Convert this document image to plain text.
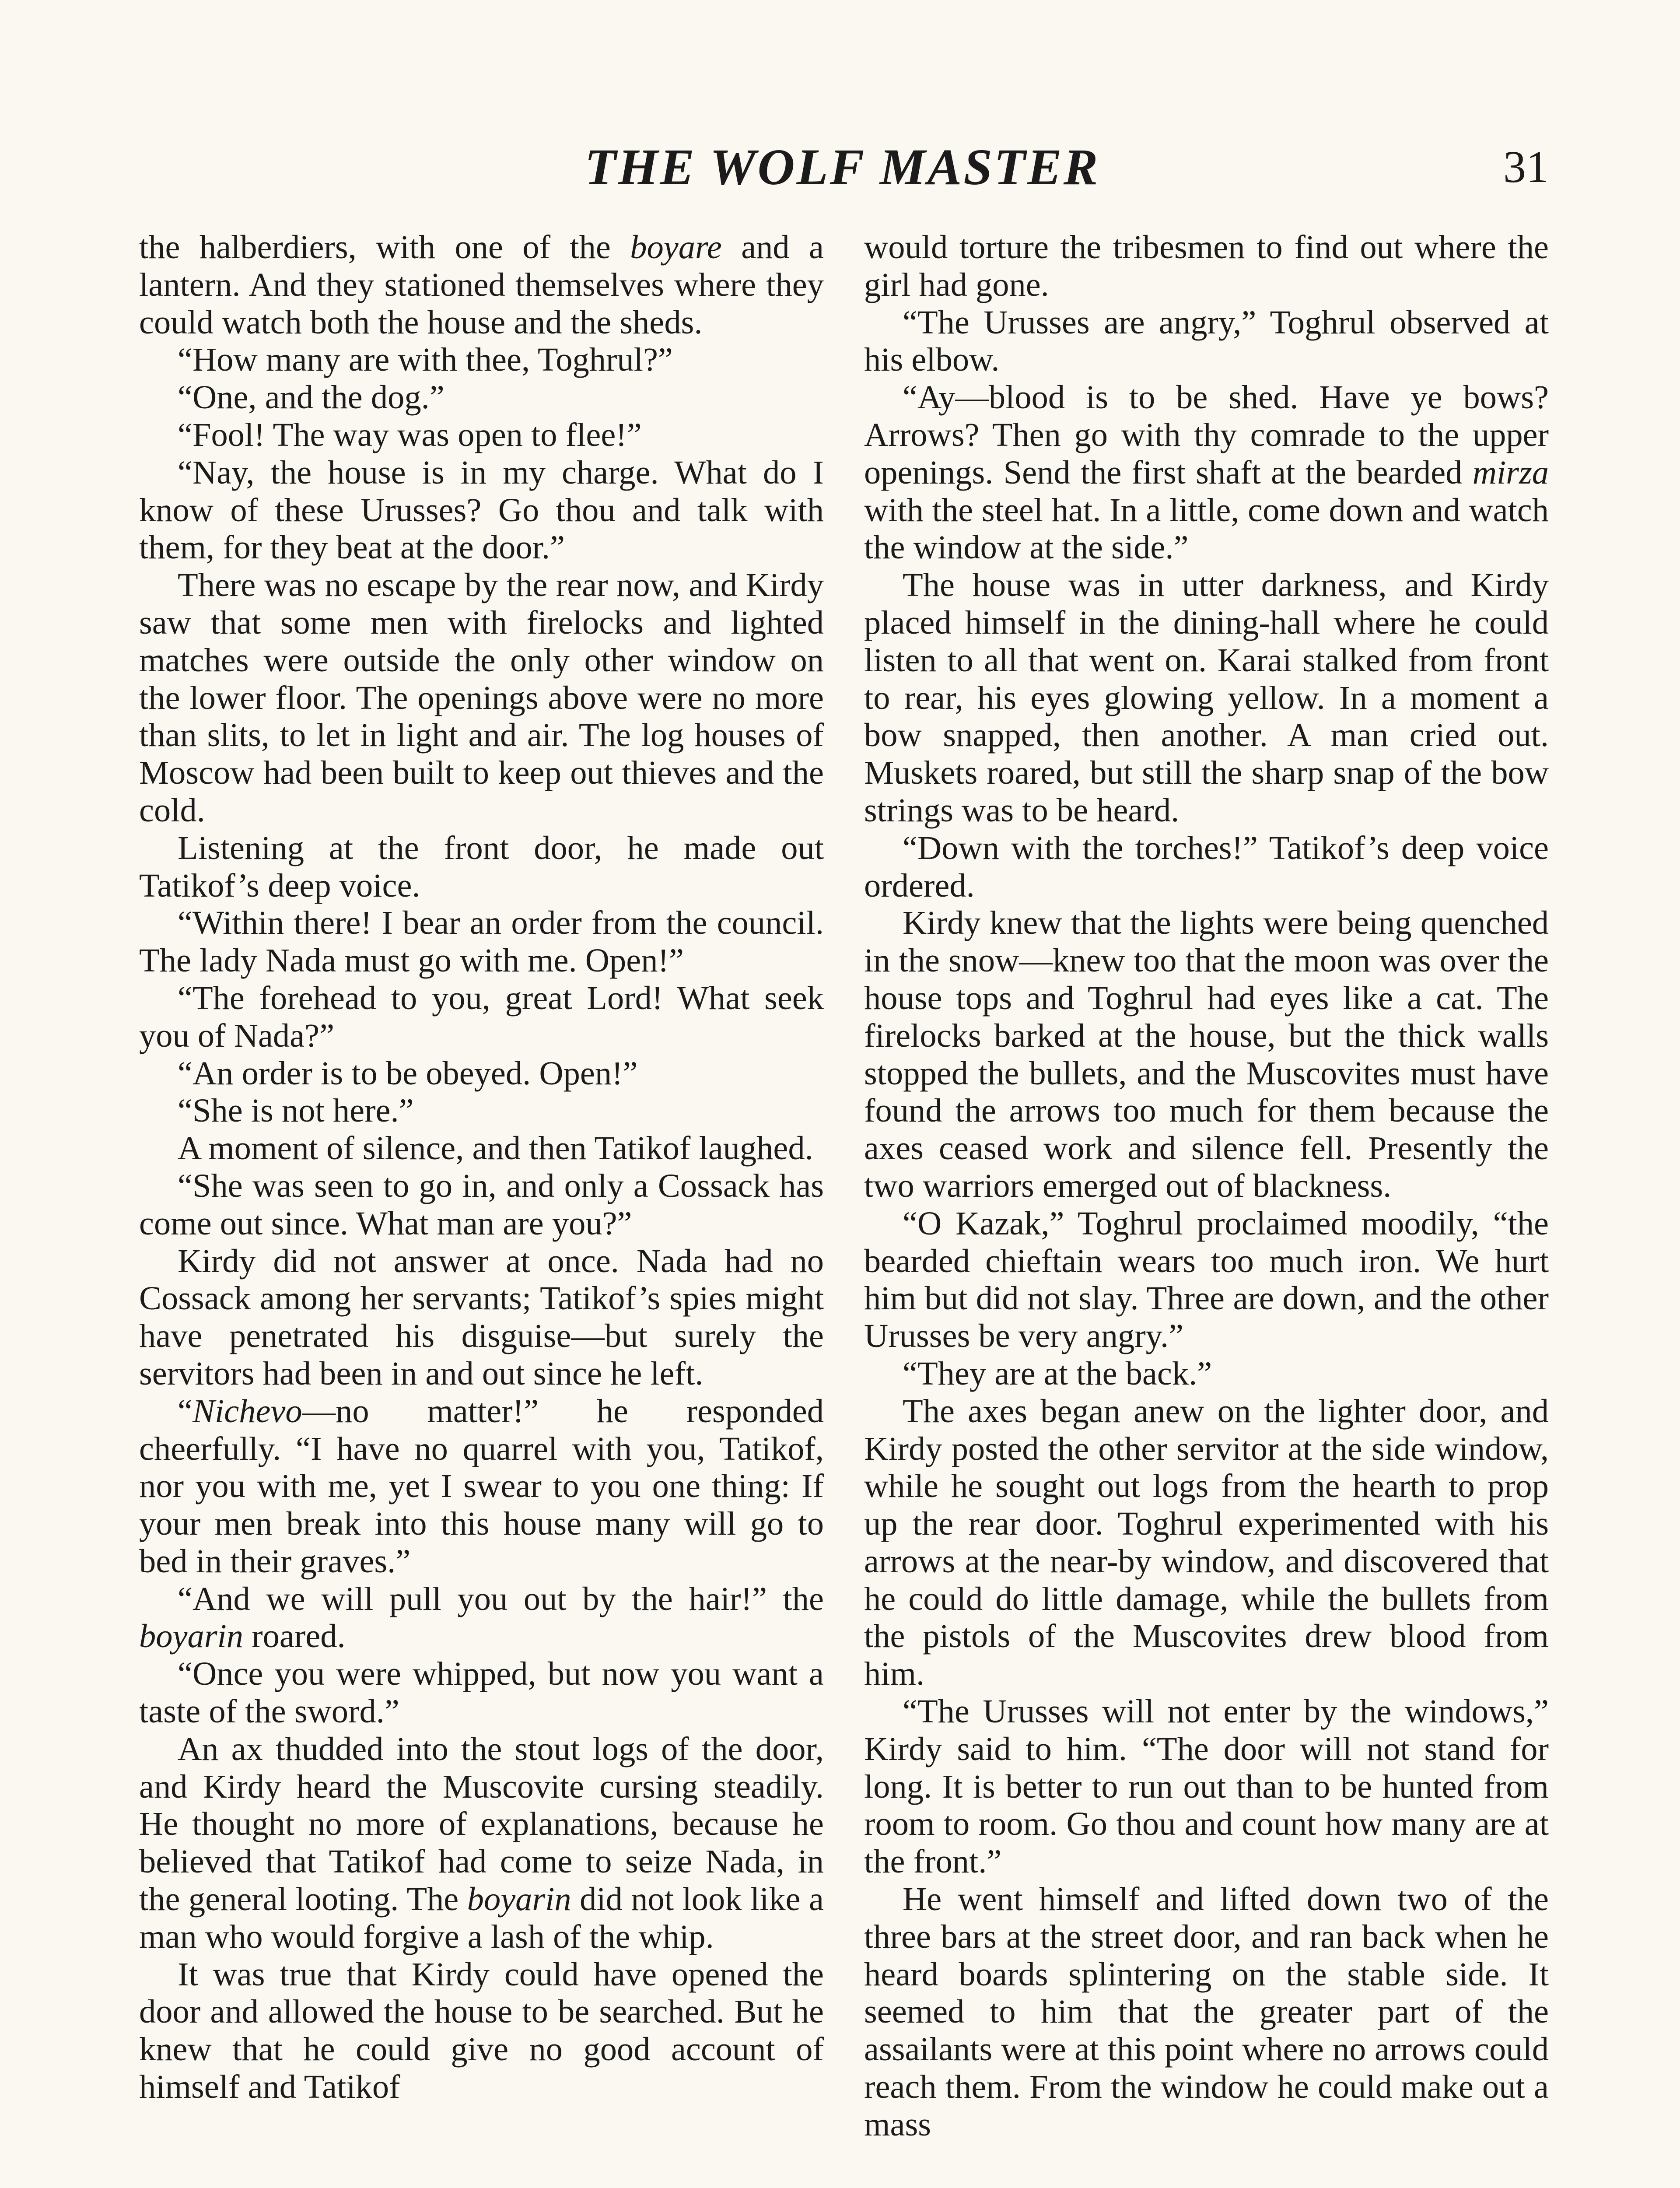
THE WOLF MASTER	31

the halberdiers, with one of the boyare and a lantern. And they stationed themselves where they could watch both the house and the sheds.

“How many are with thee, Toghrul?”

“One, and the dog.”

“Fool! The way was open to flee!”

“Nay, the house is in my charge. What do I know of these Urusses? Go thou and talk with them, for they beat at the door.”

There was no escape by the rear now, and Kirdy saw that some men with firelocks and lighted matches were outside the only other window on the lower floor. The openings above were no more than slits, to let in light and air. The log houses of Moscow had been built to keep out thieves and the cold.

Listening at the front door, he made out Tatikof’s deep voice.

“Within there! I bear an order from the council. The lady Nada must go with me. Open!”

“The forehead to you, great Lord! What seek you of Nada?”

“An order is to be obeyed. Open!”

“She is not here.”

A moment of silence, and then Tatikof laughed.

“She was seen to go in, and only a Cossack has come out since. What man are you?”

Kirdy did not answer at once. Nada had no Cossack among her servants; Tatikof’s spies might have penetrated his disguise—but surely the servitors had been in and out since he left.

“Nichevo—no matter!” he responded cheerfully. “I have no quarrel with you, Tatikof, nor you with me, yet I swear to you one thing: If your men break into this house many will go to bed in their graves.”

“And we will pull you out by the hair!” the boyarin roared.

“Once you were whipped, but now you want a taste of the sword.”

An ax thudded into the stout logs of the door, and Kirdy heard the Muscovite cursing steadily. He thought no more of explanations, because he believed that Tatikof had come to seize Nada, in the general looting. The boyarin did not look like a man who would forgive a lash of the whip.

It was true that Kirdy could have opened the door and allowed the house to be searched. But he knew that he could give no good account of himself and Tatikof

would torture the tribesmen to find out where the girl had gone.

“The Urusses are angry,” Toghrul observed at his elbow.

“Ay—blood is to be shed. Have ye bows? Arrows? Then go with thy comrade to the upper openings. Send the first shaft at the bearded mirza with the steel hat. In a little, come down and watch the window at the side.”

The house was in utter darkness, and Kirdy placed himself in the dining-hall where he could listen to all that went on. Karai stalked from front to rear, his eyes glowing yellow. In a moment a bow snapped, then another. A man cried out. Muskets roared, but still the sharp snap of the bow strings was to be heard.

“Down with the torches!” Tatikof’s deep voice ordered.

Kirdy knew that the lights were being quenched in the snow—knew too that the moon was over the house tops and Toghrul had eyes like a cat. The firelocks barked at the house, but the thick walls stopped the bullets, and the Muscovites must have found the arrows too much for them because the axes ceased work and silence fell. Presently the two warriors emerged out of blackness.

“O Kazak,” Toghrul proclaimed moodily, “the bearded chieftain wears too much iron. We hurt him but did not slay. Three are down, and the other Urusses be very angry.”

“They are at the back.”

The axes began anew on the lighter door, and Kirdy posted the other servitor at the side window, while he sought out logs from the hearth to prop up the rear door. Toghrul experimented with his arrows at the near-by window, and discovered that he could do little damage, while the bullets from the pistols of the Muscovites drew blood from him.

“The Urusses will not enter by the windows,” Kirdy said to him. “The door will not stand for long. It is better to run out than to be hunted from room to room. Go thou and count how many are at the front.”

He went himself and lifted down two of the three bars at the street door, and ran back when he heard boards splintering on the stable side. It seemed to him that the greater part of the assailants were at this point where no arrows could reach them. From the window he could make out a mass
